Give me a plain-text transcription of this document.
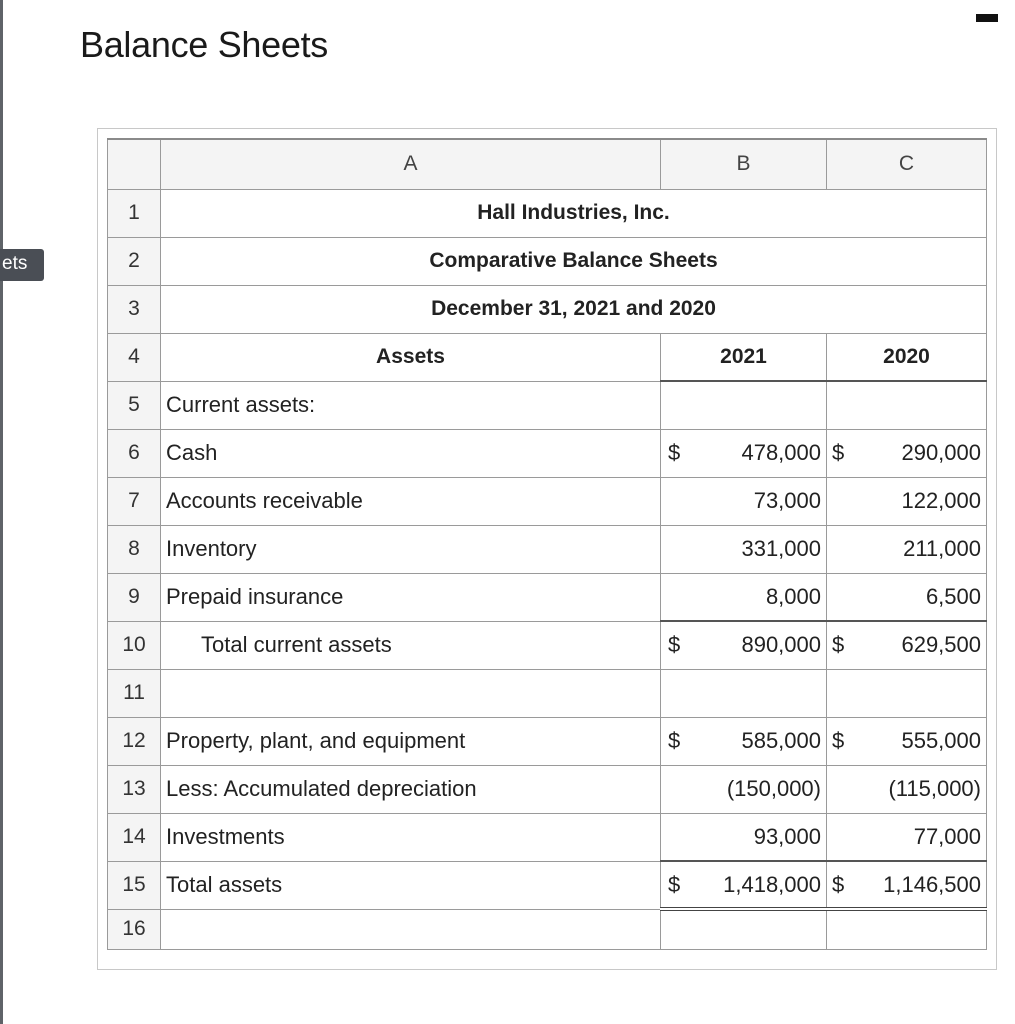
ets
Balance Sheets
	A	B	C
1	Hall Industries, Inc.		
2	Comparative Balance Sheets		
3	December 31, 2021 and 2020		
4	Assets	2021	2020
5	Current assets:		
6	Cash	$ 478,000	$ 290,000
7	Accounts receivable	73,000	122,000
8	Inventory	331,000	211,000
9	Prepaid insurance	8,000	6,500
10	Total current assets	$ 890,000	$ 629,500
11			
12	Property, plant, and equipment	$ 585,000	$ 555,000
13	Less: Accumulated depreciation	(150,000)	(115,000)
14	Investments	93,000	77,000
15	Total assets	$ 1,418,000	$ 1,146,500
16			
